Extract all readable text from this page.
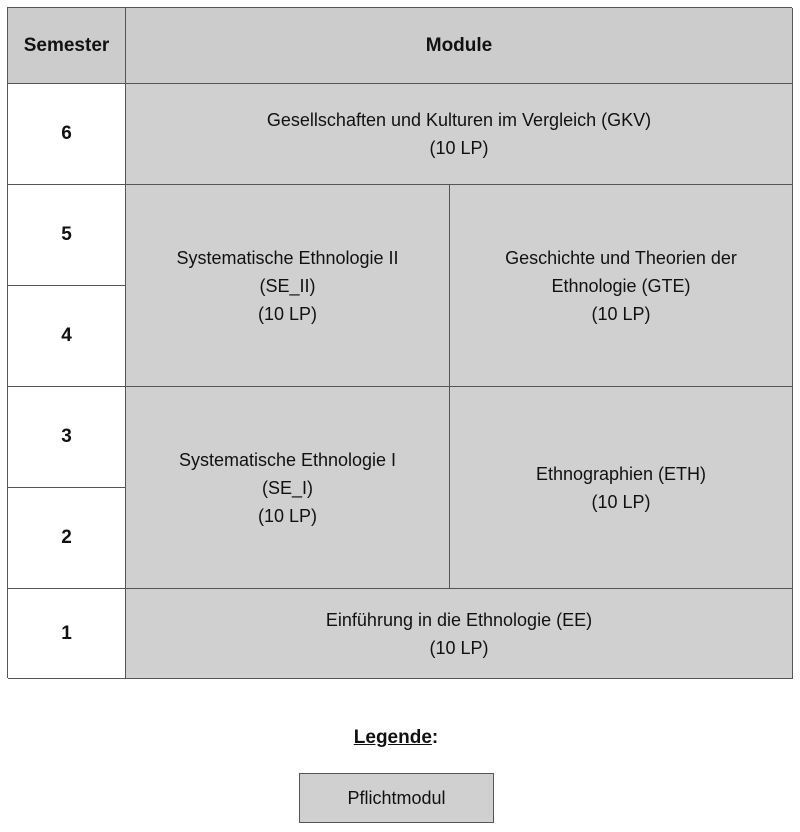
Semester	Module
6
5
4
3
2
1
Gesellschaften und Kulturen im Vergleich (GKV)
(10 LP)
Systematische Ethnologie II
(SE_II)
(10 LP)
Geschichte und Theorien der
Ethnologie (GTE)
(10 LP)
Systematische Ethnologie I
(SE_I)
(10 LP)
Ethnographien (ETH)
(10 LP)
Einführung in die Ethnologie (EE)
(10 LP)
Legende:
Pflichtmodul
